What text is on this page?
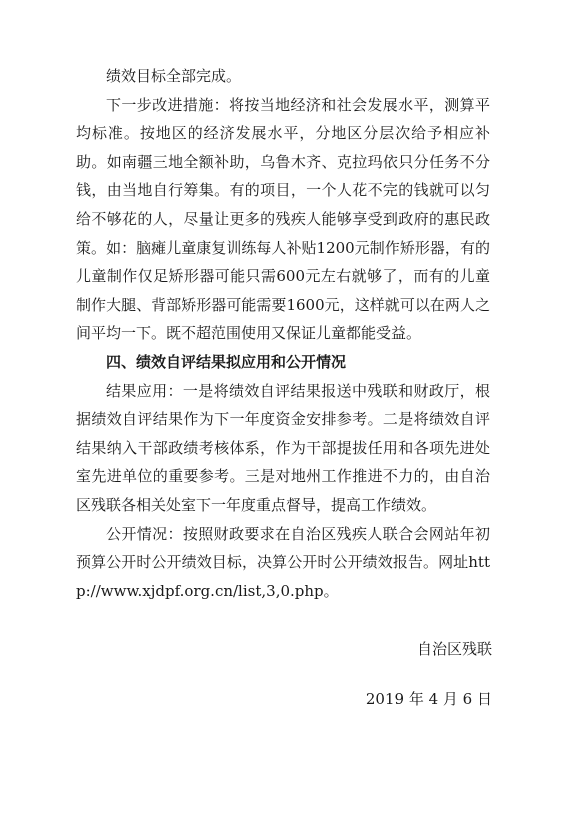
绩效目标全部完成。

下一步改进措施：将按当地经济和社会发展水平，测算平均标准。按地区的经济发展水平，分地区分层次给予相应补助。如南疆三地全额补助，乌鲁木齐、克拉玛依只分任务不分钱，由当地自行筹集。有的项目，一个人花不完的钱就可以匀给不够花的人，尽量让更多的残疾人能够享受到政府的惠民政策。如：脑瘫儿童康复训练每人补贴1200元制作矫形器，有的儿童制作仅足矫形器可能只需600元左右就够了，而有的儿童制作大腿、背部矫形器可能需要1600元，这样就可以在两人之间平均一下。既不超范围使用又保证儿童都能受益。

四、绩效自评结果拟应用和公开情况

结果应用：一是将绩效自评结果报送中残联和财政厅，根据绩效自评结果作为下一年度资金安排参考。二是将绩效自评结果纳入干部政绩考核体系，作为干部提拔任用和各项先进处室先进单位的重要参考。三是对地州工作推进不力的，由自治区残联各相关处室下一年度重点督导，提高工作绩效。

公开情况：按照财政要求在自治区残疾人联合会网站年初预算公开时公开绩效目标，决算公开时公开绩效报告。网址http://www.xjdpf.org.cn/list,3,0.php。

自治区残联
2019 年 4 月 6 日
